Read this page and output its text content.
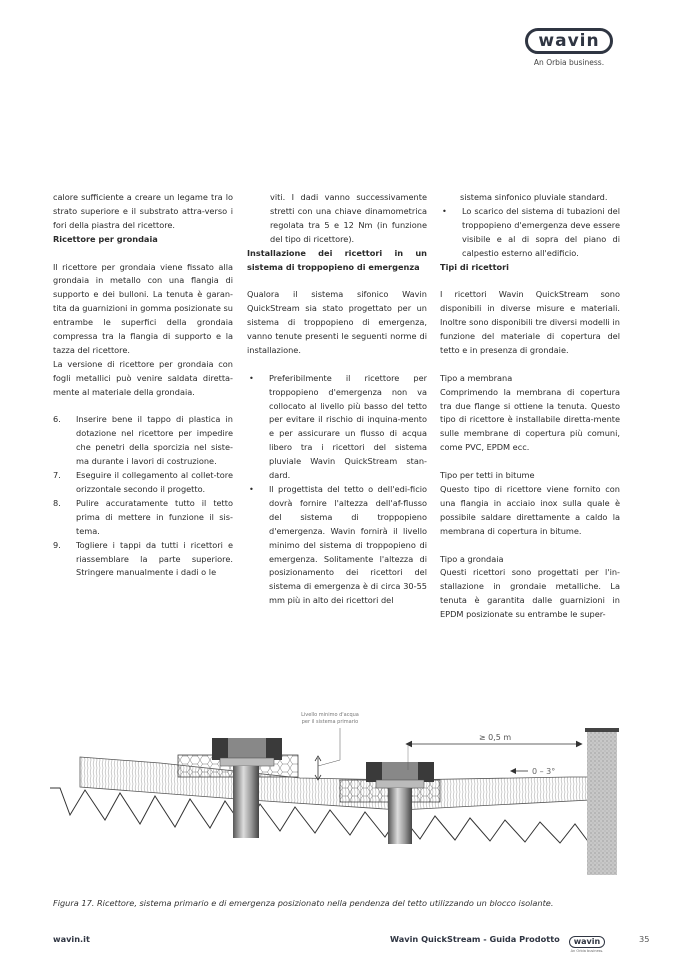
wavin
An Orbia business.

calore sufficiente a creare un legame tra lo strato superiore e il substrato attra-verso i fori della piastra del ricettore.

Ricettore per grondaia

Il ricettore per grondaia viene fissato alla grondaia in metallo con una flangia di supporto e dei bulloni. La tenuta è garan-tita da guarnizioni in gomma posizionate su entrambe le superfici della grondaia compressa tra la flangia di supporto e la tazza del ricettore.

La versione di ricettore per grondaia con fogli metallici può venire saldata diretta-mente al materiale della grondaia.

6.	Inserire bene il tappo di plastica in dotazione nel ricettore per impedire che penetri della sporcizia nel siste-ma durante i lavori di costruzione.
7.	Eseguire il collegamento al collet-tore orizzontale secondo il progetto.
8.	Pulire accuratamente tutto il tetto prima di mettere in funzione il sis-tema.
9.	Togliere i tappi da tutti i ricettori e riassemblare la parte superiore. Stringere manualmente i dadi o le

viti. I dadi vanno successivamente stretti con una chiave dinamometrica regolata tra 5 e 12 Nm (in funzione del tipo di ricettore).

Installazione dei ricettori in un sistema di troppopieno di emergenza

Qualora il sistema sifonico Wavin QuickStream sia stato progettato per un sistema di troppopieno di emergenza, vanno tenute presenti le seguenti norme di installazione.

•	Preferibilmente il ricettore per troppopieno d'emergenza non va collocato al livello più basso del tetto per evitare il rischio di inquina-mento e per assicurare un flusso di acqua libero tra i ricettori del sistema pluviale Wavin QuickStream stan-dard.
•	Il progettista del tetto o dell'edi-ficio dovrà fornire l'altezza dell'af-flusso del sistema di troppopieno d'emergenza. Wavin fornirà il livello minimo del sistema di troppopieno di emergenza. Solitamente l'altezza di posizionamento dei ricettori del sistema di emergenza è di circa 30-55 mm più in alto dei ricettori del

sistema sinfonico pluviale standard.

•	Lo scarico del sistema di tubazioni del troppopieno d'emergenza deve essere visibile e al di sopra del piano di calpestio esterno all'edificio.

Tipi di ricettori

I ricettori Wavin QuickStream sono disponibili in diverse misure e materiali. Inoltre sono disponibili tre diversi modelli in funzione del materiale di copertura del tetto e in presenza di grondaie.

Tipo a membrana

Comprimendo la membrana di copertura tra due flange si ottiene la tenuta. Questo tipo di ricettore è installabile diretta-mente sulle membrane di copertura più comuni, come PVC, EPDM ecc.

Tipo per tetti in bitume

Questo tipo di ricettore viene fornito con una flangia in acciaio inox sulla quale è possibile saldare direttamente a caldo la membrana di copertura in bitume.

Tipo a grondaia

Questi ricettori sono progettati per l'in-stallazione in grondaie metalliche. La tenuta è garantita dalle guarnizioni in EPDM posizionate su entrambe le super-

Livello minimo d'acqua
per il sistema primario
≥ 0,5 m
0 – 3°
Figura 17. Ricettore, sistema primario e di emergenza posizionato nella pendenza del tetto utilizzando un blocco isolante.
wavin.it	Wavin QuickStream - Guida Prodotto	wavin
An Orbia business.
35
